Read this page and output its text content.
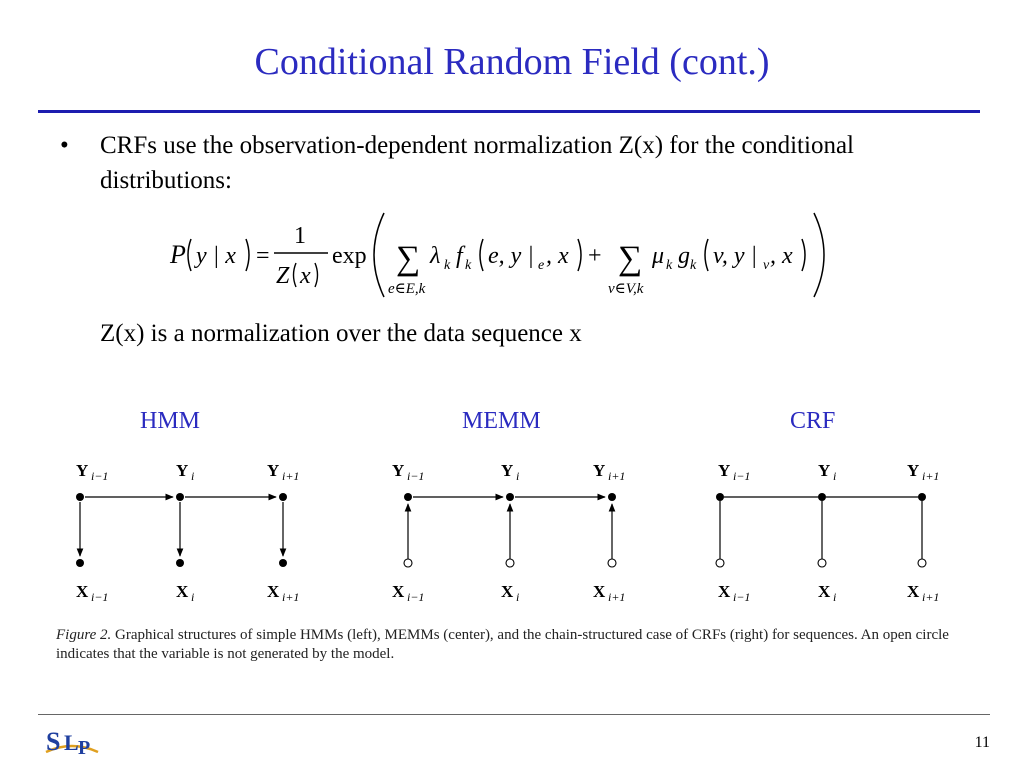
Conditional Random Field (cont.)
• CRFs use the observation-dependent normalization Z(x) for the conditional distributions:
P y | x =
1
Z x
exp ∑
e∈E,k
λ k f k e, y | e , x + ∑
v∈V,k
μ k g k v, y | v , x
Z(x) is a normalization over the data sequence x
HMM	MEMM	CRF
Y i−1	Y i	Y i+1
X i−1	X i	X i+1
Y i−1	Y i	Y i+1
X i−1	X i	X i+1
Y i−1	Y i	Y i+1
X i−1	X i	X i+1
Figure 2. Graphical structures of simple HMMs (left), MEMMs (center), and the chain-structured case of CRFs (right) for sequences. An open circle indicates that the variable is not generated by the model.
S L P	11
